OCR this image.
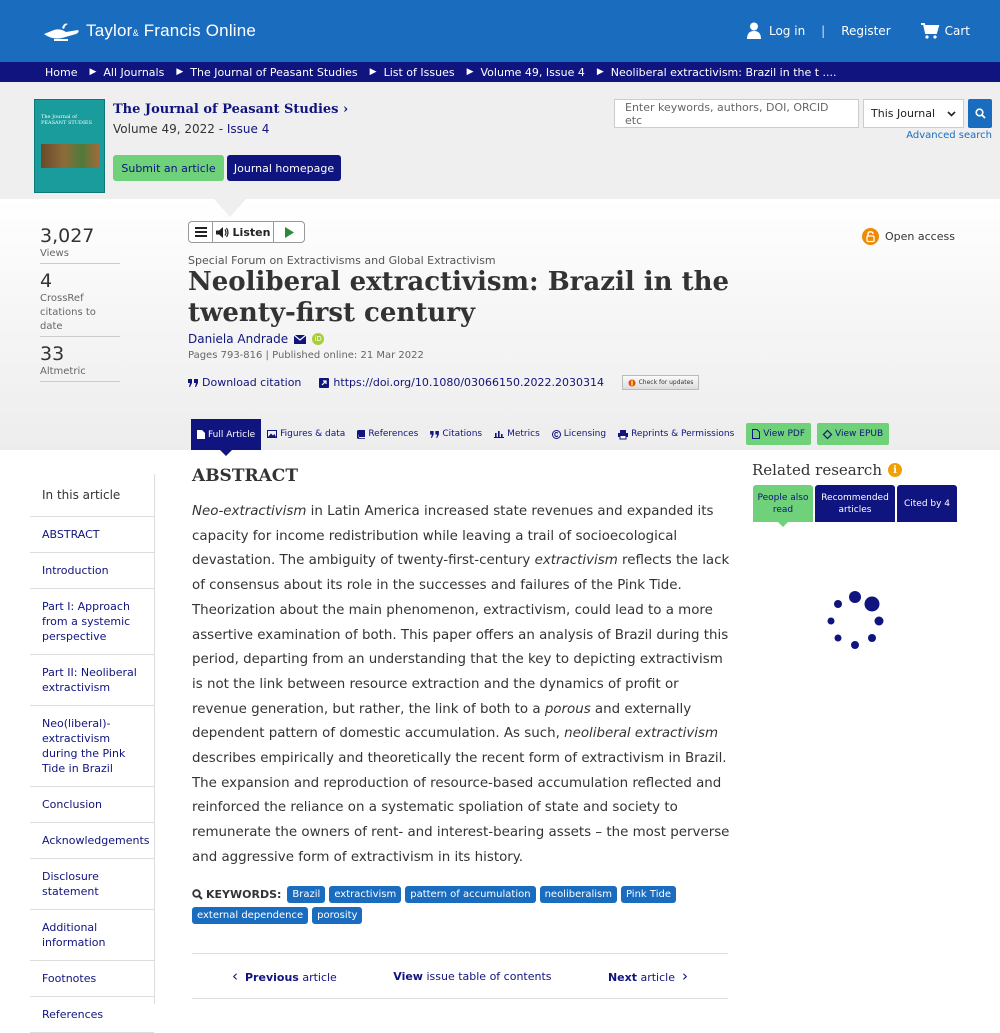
Taylor& Francis Online	Log in | Register	Cart
Home ▶ All Journals ▶ The Journal of Peasant Studies ▶ List of Issues ▶ Volume 49, Issue 4 ▶ Neoliberal extractivism: Brazil in the t ....
The Journal of PEASANT STUDIES
The Journal of Peasant Studies ›
Volume 49, 2022 - Issue 4
Submit an article	Journal homepage
Enter keywords, authors, DOI, ORCID etc	This Journal
Advanced search
3,027
Views
4
CrossRef citations to date
33
Altmetric
Listen	Open access
Special Forum on Extractivisms and Global Extractivism
Neoliberal extractivism: Brazil in the twenty-first century
Daniela Andrade	iD
Pages 793-816 | Published online: 21 Mar 2022
Download citation	https://doi.org/10.1080/03066150.2022.2030314	Check for updates
Full Article	Figures & data	References	Citations	Metrics	Licensing	Reprints & Permissions	View PDF	View EPUB
In this article
ABSTRACT
Introduction
Part I: Approach from a systemic perspective
Part II: Neoliberal extractivism
Neo(liberal)-extractivism during the Pink Tide in Brazil
Conclusion
Acknowledgements
Disclosure statement
Additional information
Footnotes
References
ABSTRACT
Neo-extractivism in Latin America increased state revenues and expanded its capacity for income redistribution while leaving a trail of socioecological devastation. The ambiguity of twenty-first-century extractivism reflects the lack of consensus about its role in the successes and failures of the Pink Tide. Theorization about the main phenomenon, extractivism, could lead to a more assertive examination of both. This paper offers an analysis of Brazil during this period, departing from an understanding that the key to depicting extractivism is not the link between resource extraction and the dynamics of profit or revenue generation, but rather, the link of both to a porous and externally dependent pattern of domestic accumulation. As such, neoliberal extractivism describes empirically and theoretically the recent form of extractivism in Brazil. The expansion and reproduction of resource-based accumulation reflected and reinforced the reliance on a systematic spoliation of state and society to remunerate the owners of rent- and interest-bearing assets – the most perverse and aggressive form of extractivism in its history.
KEYWORDS:	Brazil	extractivism	pattern of accumulation	neoliberalism	Pink Tide
external dependence	porosity
‹ Previous article	View issue table of contents	Next article ›
Related research	i
People also read
Recommended articles
Cited by 4
